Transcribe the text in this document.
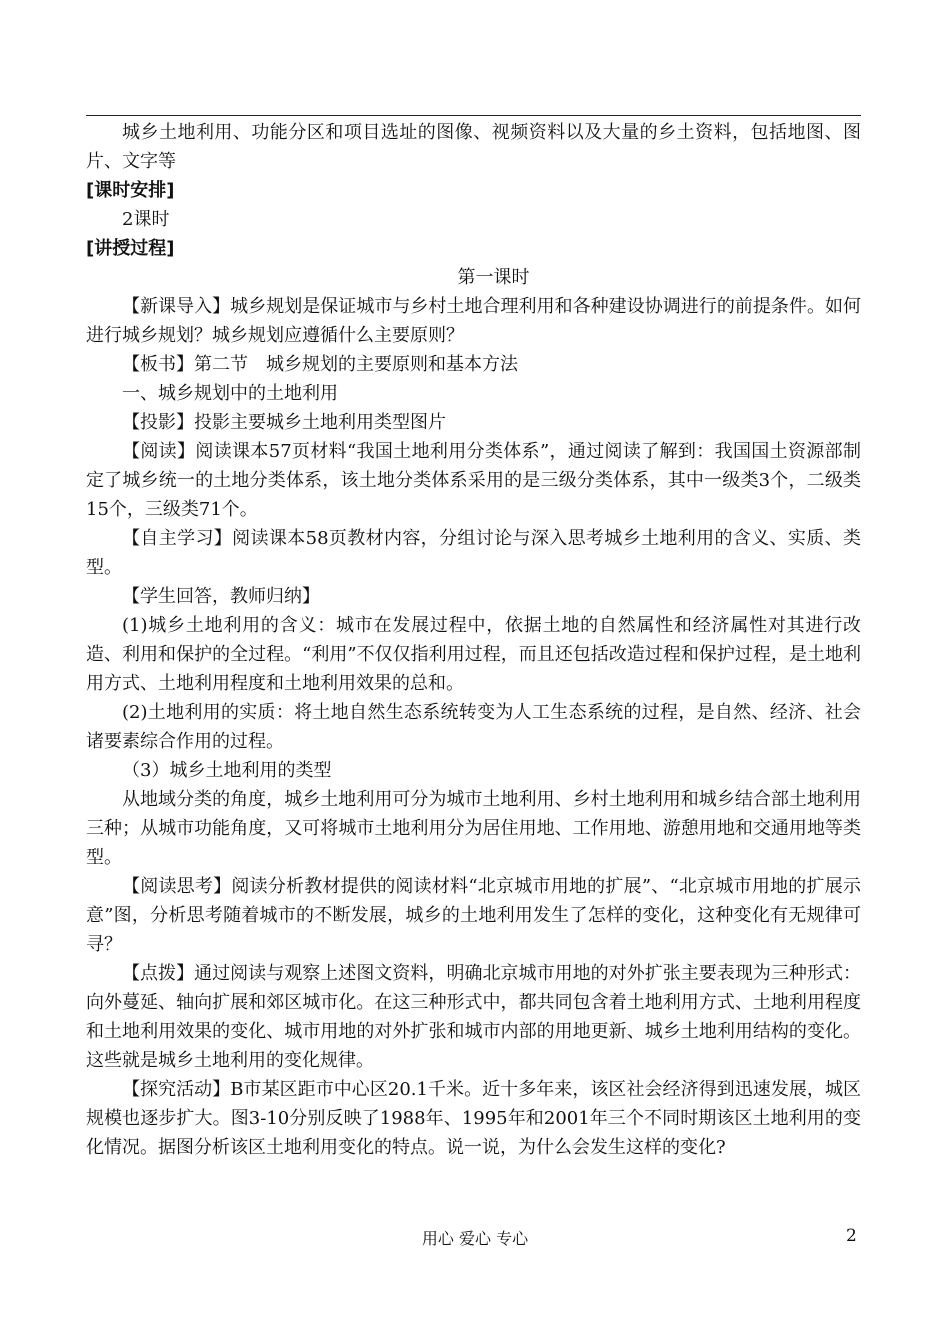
城乡土地利用、功能分区和项目选址的图像、视频资料以及大量的乡土资料，包括地图、图片、文字等

[课时安排]

2课时

[讲授过程]

第一课时

【新课导入】城乡规划是保证城市与乡村土地合理利用和各种建设协调进行的前提条件。如何进行城乡规划？城乡规划应遵循什么主要原则？

【板书】第二节　城乡规划的主要原则和基本方法

一、城乡规划中的土地利用

【投影】投影主要城乡土地利用类型图片

【阅读】阅读课本57页材料“我国土地利用分类体系”，通过阅读了解到：我国国土资源部制定了城乡统一的土地分类体系，该土地分类体系采用的是三级分类体系，其中一级类3个，二级类15个，三级类71个。

【自主学习】阅读课本58页教材内容，分组讨论与深入思考城乡土地利用的含义、实质、类型。

【学生回答，教师归纳】

(1)城乡土地利用的含义：城市在发展过程中，依据土地的自然属性和经济属性对其进行改造、利用和保护的全过程。“利用”不仅仅指利用过程，而且还包括改造过程和保护过程，是土地利用方式、土地利用程度和土地利用效果的总和。

(2)土地利用的实质：将土地自然生态系统转变为人工生态系统的过程，是自然、经济、社会诸要素综合作用的过程。

（3）城乡土地利用的类型

从地域分类的角度，城乡土地利用可分为城市土地利用、乡村土地利用和城乡结合部土地利用三种；从城市功能角度，又可将城市土地利用分为居住用地、工作用地、游憩用地和交通用地等类型。

【阅读思考】阅读分析教材提供的阅读材料“北京城市用地的扩展”、“北京城市用地的扩展示意”图，分析思考随着城市的不断发展，城乡的土地利用发生了怎样的变化，这种变化有无规律可寻？

【点拨】通过阅读与观察上述图文资料，明确北京城市用地的对外扩张主要表现为三种形式：向外蔓延、轴向扩展和郊区城市化。在这三种形式中，都共同包含着土地利用方式、土地利用程度和土地利用效果的变化、城市用地的对外扩张和城市内部的用地更新、城乡土地利用结构的变化。这些就是城乡土地利用的变化规律。

【探究活动】B市某区距市中心区20.1千米。近十多年来，该区社会经济得到迅速发展，城区规模也逐步扩大。图3-10分别反映了1988年、1995年和2001年三个不同时期该区土地利用的变化情况。据图分析该区土地利用变化的特点。说一说，为什么会发生这样的变化?

用心 爱心 专心	2
